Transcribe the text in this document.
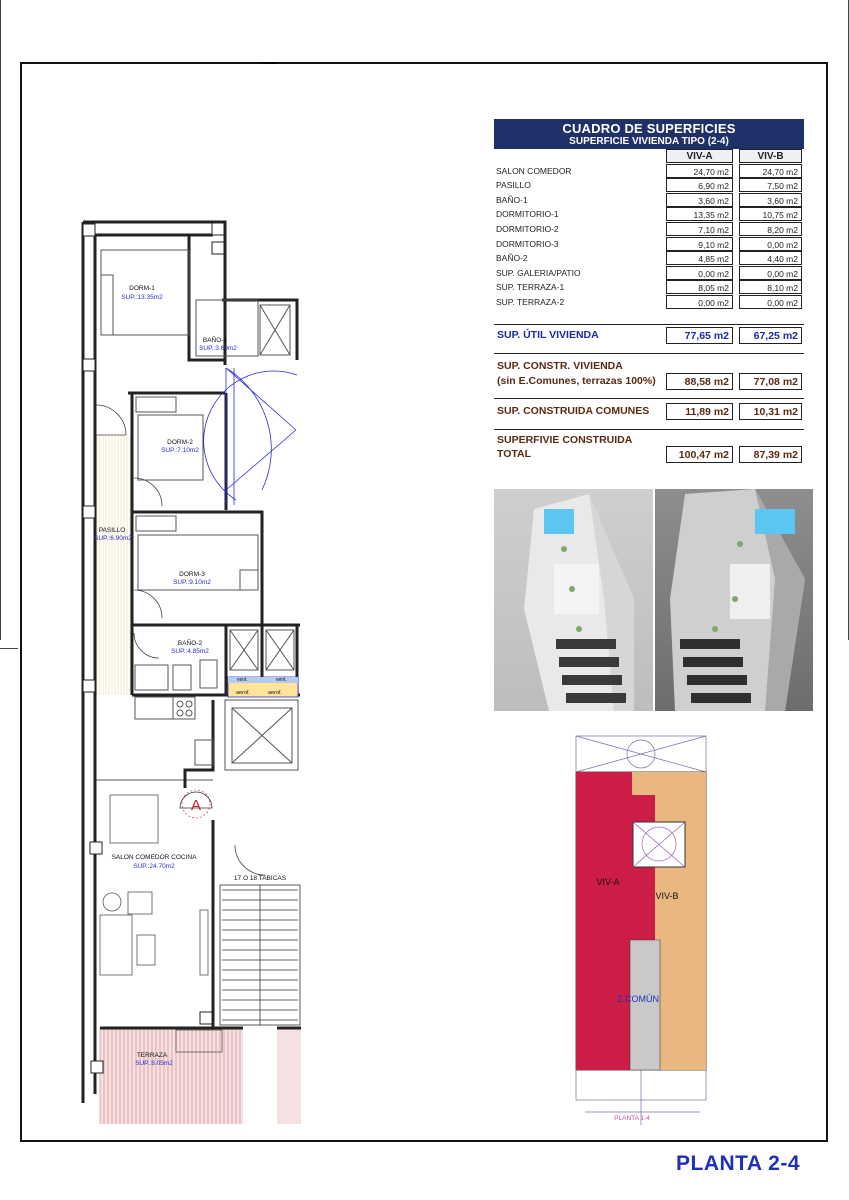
aerof.	aerof.
vent.	vent.
DORM-1
SUP.:13.35m2
BAÑO-1
SUP.:3.60m2
DORM-2
SUP.:7.10m2
PASILLO
SUP.:6.90m2
DORM-3
SUP.:9.10m2
BAÑO-2
SUP.:4.85m2
SALON COMEDOR COCINA
SUP.:24.70m2
TERRAZA
SUP.:8.05m2
17 O 18 TABICAS
A
CUADRO DE SUPERFICIES
SUPERFICIE VIVIENDA TIPO (2-4)
VIV-A	VIV-B
SALON COMEDOR	24,70 m2	24,70 m2
PASILLO	6,90 m2	7,50 m2
BAÑO-1	3,60 m2	3,60 m2
DORMITORIO-1	13,35 m2	10,75 m2
DORMITORIO-2	7,10 m2	8,20 m2
DORMITORIO-3	9,10 m2	0,00 m2
BAÑO-2	4,85 m2	4,40 m2
SUP. GALERIA/PATIO	0,00 m2	0,00 m2
SUP. TERRAZA-1	8,05 m2	8,10 m2
SUP. TERRAZA-2	0,00 m2	0,00 m2
SUP. ÚTIL VIVIENDA	77,65 m2	67,25 m2
SUP. CONSTR. VIVIENDA
(sin E.Comunes, terrazas 100%)	88,58 m2	77,08 m2
SUP. CONSTRUIDA COMUNES	11,89 m2	10,31 m2
SUPERFIVIE CONSTRUIDA
TOTAL	100,47 m2	87,39 m2
VIV-A
VIV-B
Z.COMÚN
PLANTA 1-4
PLANTA 2-4
